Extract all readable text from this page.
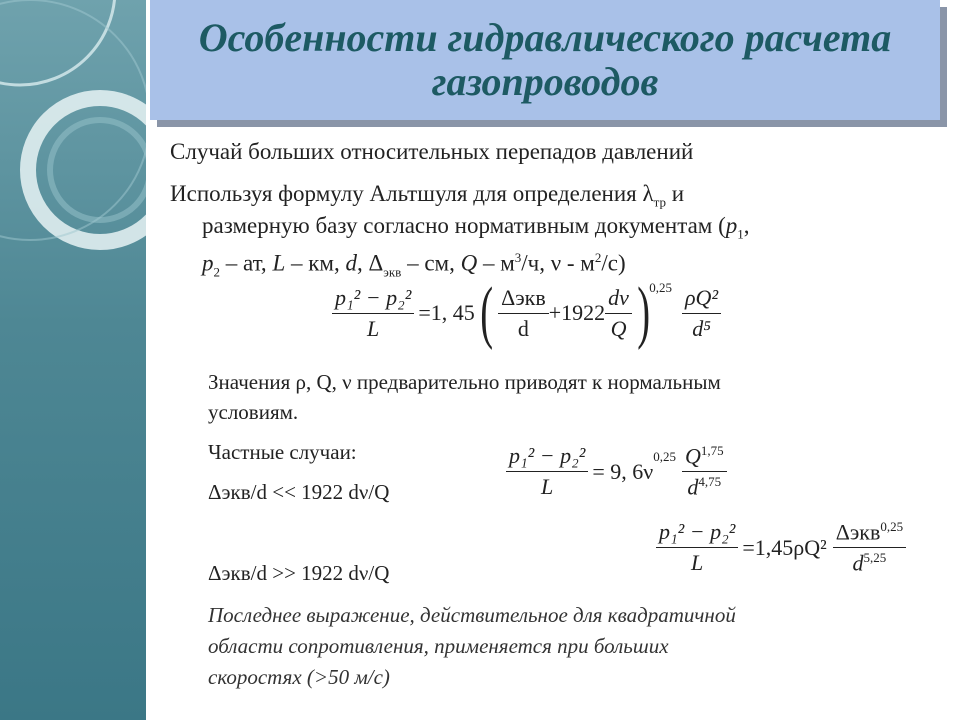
Особенности гидравлического расчета
газопроводов
Случай больших относительных перепадов давлений
Используя формулу Альтшуля для определения $\lambda_{тр}$ и
размерную базу согласно нормативным документам ($p_1$,
$p_2$ – ат, L – км, d, $\Delta_{экв}$ – см, Q – $м^3/ч$, ν - $м^2/с$)
$\frac{\text{p₁² − p₂²}}{L} =1$, 45 ( $\frac{\text{Δэкв}}{d} +1922 \frac{d\nu}{Q}$ ) $0,25 \frac{\text{ρQ²}}{\text{d⁵}}$
Значения ρ, Q, ν предварительно приводят к нормальным
условиям.
Частные случаи:
Δэкв/d << 1922 dν/Q
Δэкв/d >> 1922 dν/Q
$\frac{\text{p₁² − p₂²}}{L} = 9$, 6ν
$0,25 \frac{Q^{1,75}}{d^{4,75}}$
$\frac{\text{p₁² − p₂²}}{L} =1,45\rho Q^2 \frac{\Delta экв^{0,25}}{d^{5,25}}$
Последнее выражение, действительное для квадратичной
области сопротивления, применяется при больших
скоростях (>50 м/с)
